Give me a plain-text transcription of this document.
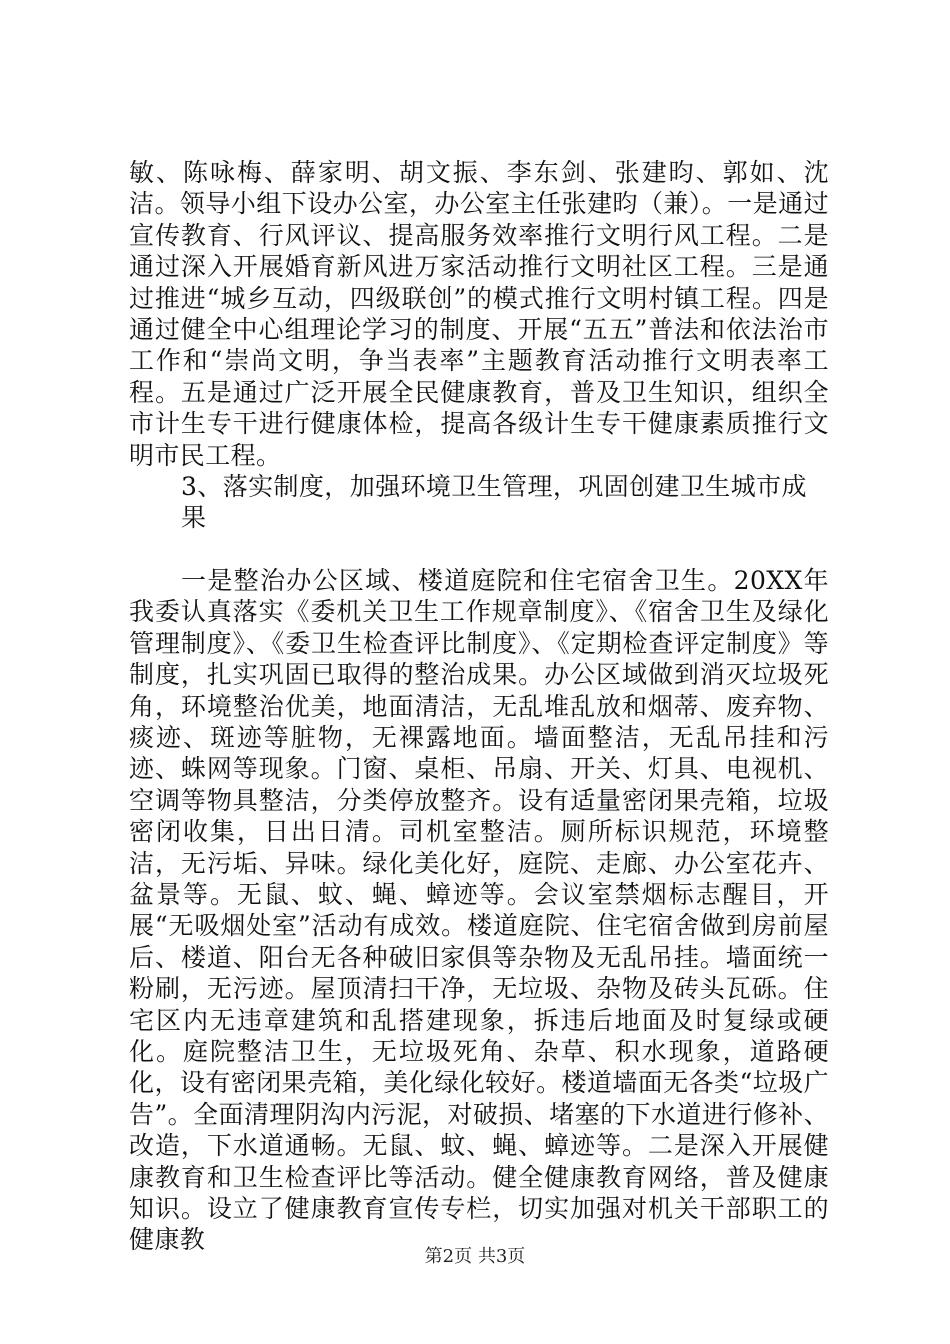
敏、陈咏梅、薛家明、胡文振、李东剑、张建昀、郭如、沈洁。领导小组下设办公室，办公室主任张建昀（兼）。一是通过宣传教育、行风评议、提高服务效率推行文明行风工程。二是通过深入开展婚育新风进万家活动推行文明社区工程。三是通过推进“城乡互动，四级联创”的模式推行文明村镇工程。四是通过健全中心组理论学习的制度、开展“五五”普法和依法治市工作和“崇尚文明，争当表率”主题教育活动推行文明表率工程。五是通过广泛开展全民健康教育，普及卫生知识，组织全市计生专干进行健康体检，提高各级计生专干健康素质推行文明市民工程。

3、落实制度，加强环境卫生管理，巩固创建卫生城市成果

一是整治办公区域、楼道庭院和住宅宿舍卫生。20XX年我委认真落实《委机关卫生工作规章制度》、《宿舍卫生及绿化管理制度》、《委卫生检查评比制度》、《定期检查评定制度》等制度，扎实巩固已取得的整治成果。办公区域做到消灭垃圾死角，环境整治优美，地面清洁，无乱堆乱放和烟蒂、废弃物、痰迹、斑迹等脏物，无裸露地面。墙面整洁，无乱吊挂和污迹、蛛网等现象。门窗、桌柜、吊扇、开关、灯具、电视机、空调等物具整洁，分类停放整齐。设有适量密闭果壳箱，垃圾密闭收集，日出日清。司机室整洁。厕所标识规范，环境整洁，无污垢、异味。绿化美化好，庭院、走廊、办公室花卉、盆景等。无鼠、蚊、蝇、蟑迹等。会议室禁烟标志醒目，开展“无吸烟处室”活动有成效。楼道庭院、住宅宿舍做到房前屋后、楼道、阳台无各种破旧家俱等杂物及无乱吊挂。墙面统一粉刷，无污迹。屋顶清扫干净，无垃圾、杂物及砖头瓦砾。住宅区内无违章建筑和乱搭建现象，拆违后地面及时复绿或硬化。庭院整洁卫生，无垃圾死角、杂草、积水现象，道路硬化，设有密闭果壳箱，美化绿化较好。楼道墙面无各类“垃圾广告”。全面清理阴沟内污泥，对破损、堵塞的下水道进行修补、改造，下水道通畅。无鼠、蚊、蝇、蟑迹等。二是深入开展健康教育和卫生检查评比等活动。健全健康教育网络，普及健康知识。设立了健康教育宣传专栏，切实加强对机关干部职工的健康教

第2页 共3页
